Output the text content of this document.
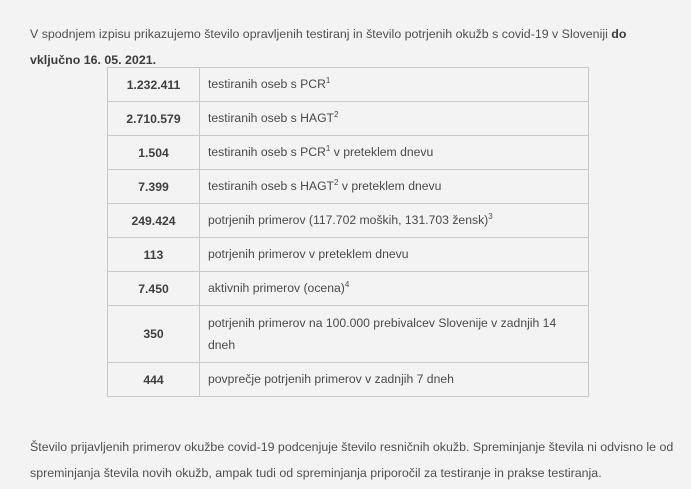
V spodnjem izpisu prikazujemo število opravljenih testiranj in število potrjenih okužb s covid-19 v Sloveniji do vključno 16. 05. 2021.

1.232.411	testiranih oseb s PCR$^1$
2.710.579	testiranih oseb s HAGT$^2$
1.504	testiranih oseb s PCR$^1$ v preteklem dnevu
7.399	testiranih oseb s HAGT$^2$ v preteklem dnevu
249.424	potrjenih primerov (117.702 moških, 131.703 žensk)$^3$
113	potrjenih primerov v preteklem dnevu
7.450	aktivnih primerov (ocena)$^4$
350	potrjenih primerov na 100.000 prebivalcev Slovenije v zadnjih 14 dneh
444	povprečje potrjenih primerov v zadnjih 7 dneh

Število prijavljenih primerov okužbe covid-19 podcenjuje število resničnih okužb. Spreminjanje števila ni odvisno le od spreminjanja števila novih okužb, ampak tudi od spreminjanja priporočil za testiranje in prakse testiranja.
